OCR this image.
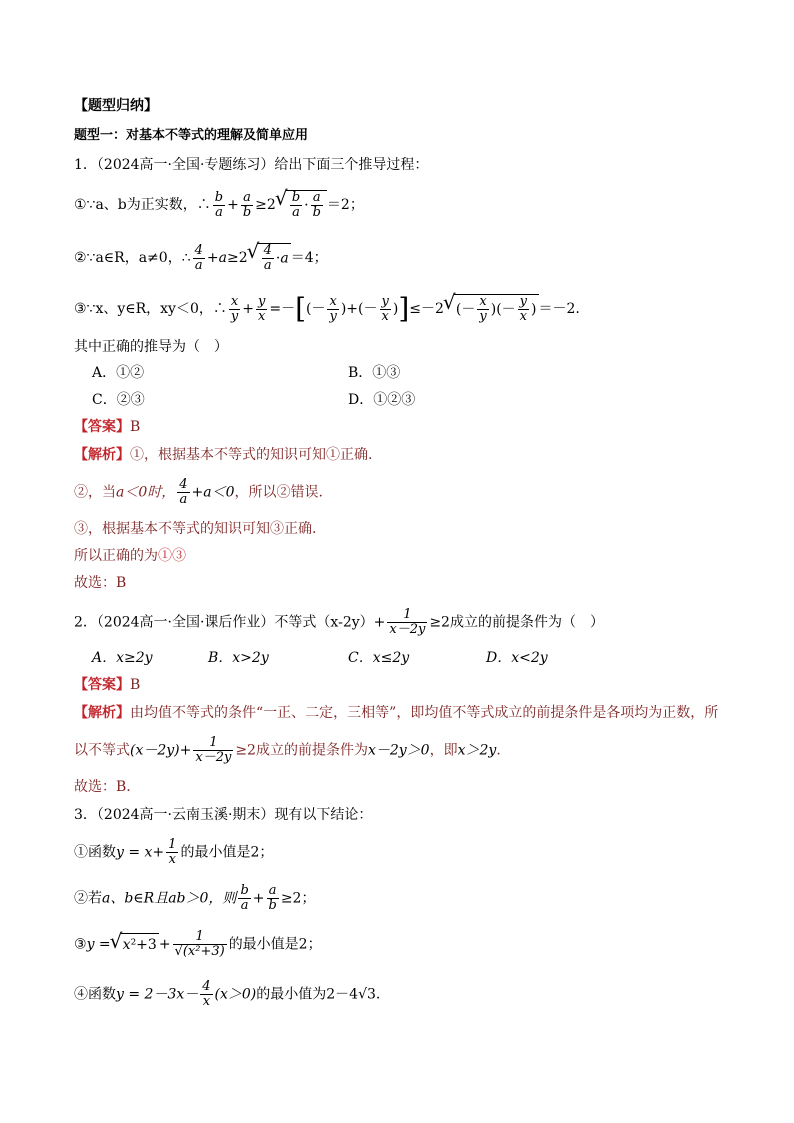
【题型归纳】
题型一：对基本不等式的理解及简单应用
1．（2024高一·全国·专题练习）给出下面三个推导过程：
①∵a、b为正实数，∴ $\frac{b}{a} + \frac{a}{b} \ge 2$
√ $\frac{b}{a} \cdot \frac{a}{b} =2$；
②∵a∈R，a≠0，∴ $\frac{4}{a} +a\ge 2$
√ $\frac{4}{a} \cdot a =4$；
③∵x、y∈R，xy＜0，∴ $\frac{x}{y} + \frac{y}{x}$ =－[(－ $\frac{x}{y}$ )+(－ $\frac{y}{x} )]\le-2√$ (－ $\frac{x}{y}$ )(－ $\frac{y}{x}$ ) ＝－2.
其中正确的推导为（　）
A．①②	B．①③
C．②③	D．①②③
【答案】B
【解析】①，根据基本不等式的知识可知①正确.
②，当a＜0时， $\frac{4}{a} +a<0$，所以②错误.
③，根据基本不等式的知识可知③正确.
所以正确的为①③
故选：B
2．（2024高一·全国·课后作业）不等式$(x-2y)+ \frac{1}{x-2y} \ge 2$成立的前提条件为（　）
A．x≥2y	B．x>2y	C．x≤2y	D．x<2y
【答案】B
【解析】由均值不等式的条件“一正、二定，三相等”，即均值不等式成立的前提条件是各项均为正数，所
以不等式$(x-2y)+ \frac{1}{x-2y} \ge 2$成立的前提条件为x－2y＞0，即x＞2y.
故选：B.
3．（2024高一·云南玉溪·期末）现有以下结论：
①函数$y = x+ \frac{1}{x}$ 的最小值是2；
②若a、b∈R且ab＞0，则 $\frac{b}{a} + \frac{a}{b} \ge 2$；
③y =√ $x^2+3 + \frac{1}{\text{√(x²+3)}}$ 的最小值是2；
④函数$y = 2-3x- \frac{4}{x} (x>0)$的最小值为2－4√3.
